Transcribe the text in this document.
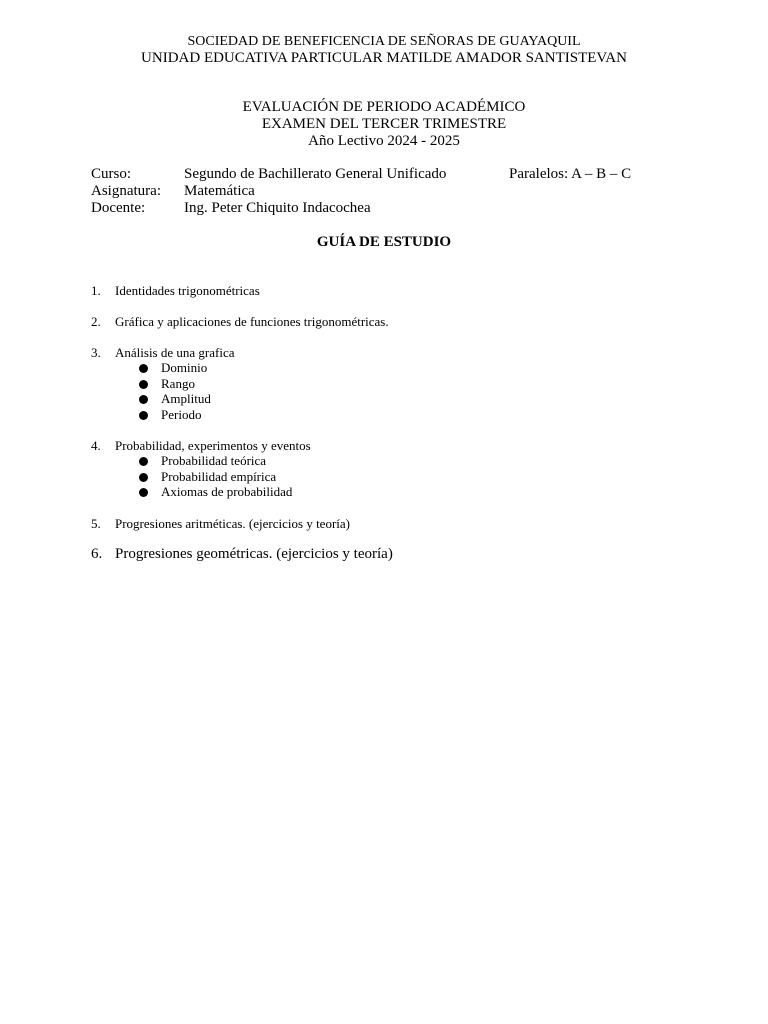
SOCIEDAD DE BENEFICENCIA DE SEÑORAS DE GUAYAQUIL
UNIDAD EDUCATIVA PARTICULAR MATILDE AMADOR SANTISTEVAN
EVALUACIÓN DE PERIODO ACADÉMICO
EXAMEN DEL TERCER TRIMESTRE
Año Lectivo 2024 - 2025
Curso:	Segundo de Bachillerato General Unificado	Paralelos: A – B – C
Asignatura: Matemática
Docente:	Ing. Peter Chiquito Indacochea
GUÍA DE ESTUDIO
1. Identidades trigonométricas
2. Gráfica y aplicaciones de funciones trigonométricas.
3. Análisis de una grafica
Dominio
Rango
Amplitud
Periodo
4. Probabilidad, experimentos y eventos
Probabilidad teórica
Probabilidad empírica
Axiomas de probabilidad
5. Progresiones aritméticas. (ejercicios y teoría)
6. Progresiones geométricas. (ejercicios y teoría)
